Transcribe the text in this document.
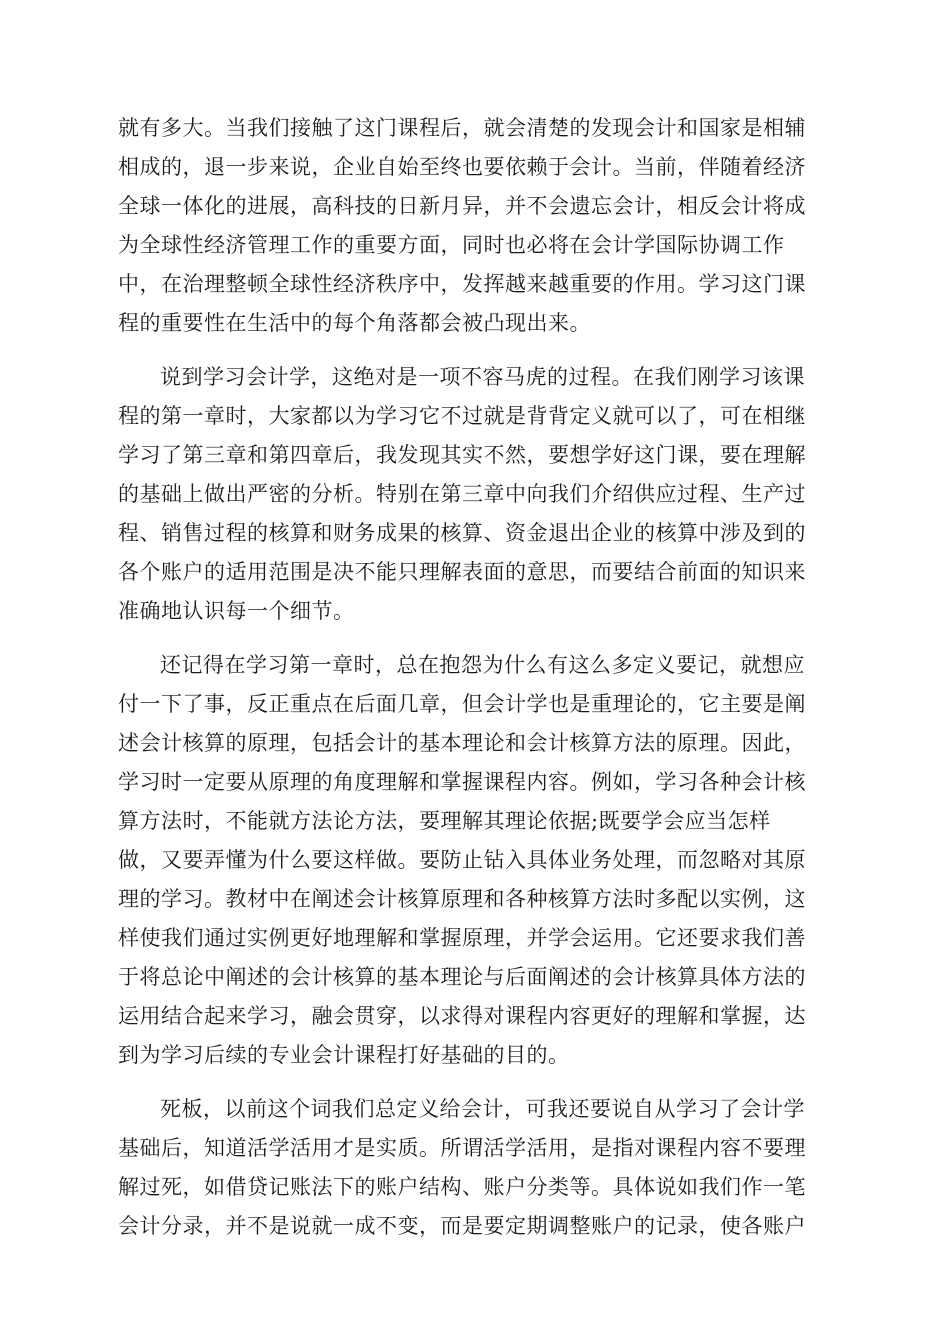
就有多大。当我们接触了这门课程后，就会清楚的发现会计和国家是相辅
相成的，退一步来说，企业自始至终也要依赖于会计。当前，伴随着经济
全球一体化的进展，高科技的日新月异，并不会遗忘会计，相反会计将成
为全球性经济管理工作的重要方面，同时也必将在会计学国际协调工作
中，在治理整顿全球性经济秩序中，发挥越来越重要的作用。学习这门课
程的重要性在生活中的每个角落都会被凸现出来。
说到学习会计学，这绝对是一项不容马虎的过程。在我们刚学习该课
程的第一章时，大家都以为学习它不过就是背背定义就可以了，可在相继
学习了第三章和第四章后，我发现其实不然，要想学好这门课，要在理解
的基础上做出严密的分析。特别在第三章中向我们介绍供应过程、生产过
程、销售过程的核算和财务成果的核算、资金退出企业的核算中涉及到的
各个账户的适用范围是决不能只理解表面的意思，而要结合前面的知识来
准确地认识每一个细节。
还记得在学习第一章时，总在抱怨为什么有这么多定义要记，就想应
付一下了事，反正重点在后面几章，但会计学也是重理论的，它主要是阐
述会计核算的原理，包括会计的基本理论和会计核算方法的原理。因此，
学习时一定要从原理的角度理解和掌握课程内容。例如，学习各种会计核
算方法时，不能就方法论方法，要理解其理论依据;既要学会应当怎样
做，又要弄懂为什么要这样做。要防止钻入具体业务处理，而忽略对其原
理的学习。教材中在阐述会计核算原理和各种核算方法时多配以实例，这
样使我们通过实例更好地理解和掌握原理，并学会运用。它还要求我们善
于将总论中阐述的会计核算的基本理论与后面阐述的会计核算具体方法的
运用结合起来学习，融会贯穿，以求得对课程内容更好的理解和掌握，达
到为学习后续的专业会计课程打好基础的目的。
死板，以前这个词我们总定义给会计，可我还要说自从学习了会计学
基础后，知道活学活用才是实质。所谓活学活用，是指对课程内容不要理
解过死，如借贷记账法下的账户结构、账户分类等。具体说如我们作一笔
会计分录，并不是说就一成不变，而是要定期调整账户的记录，使各账户
